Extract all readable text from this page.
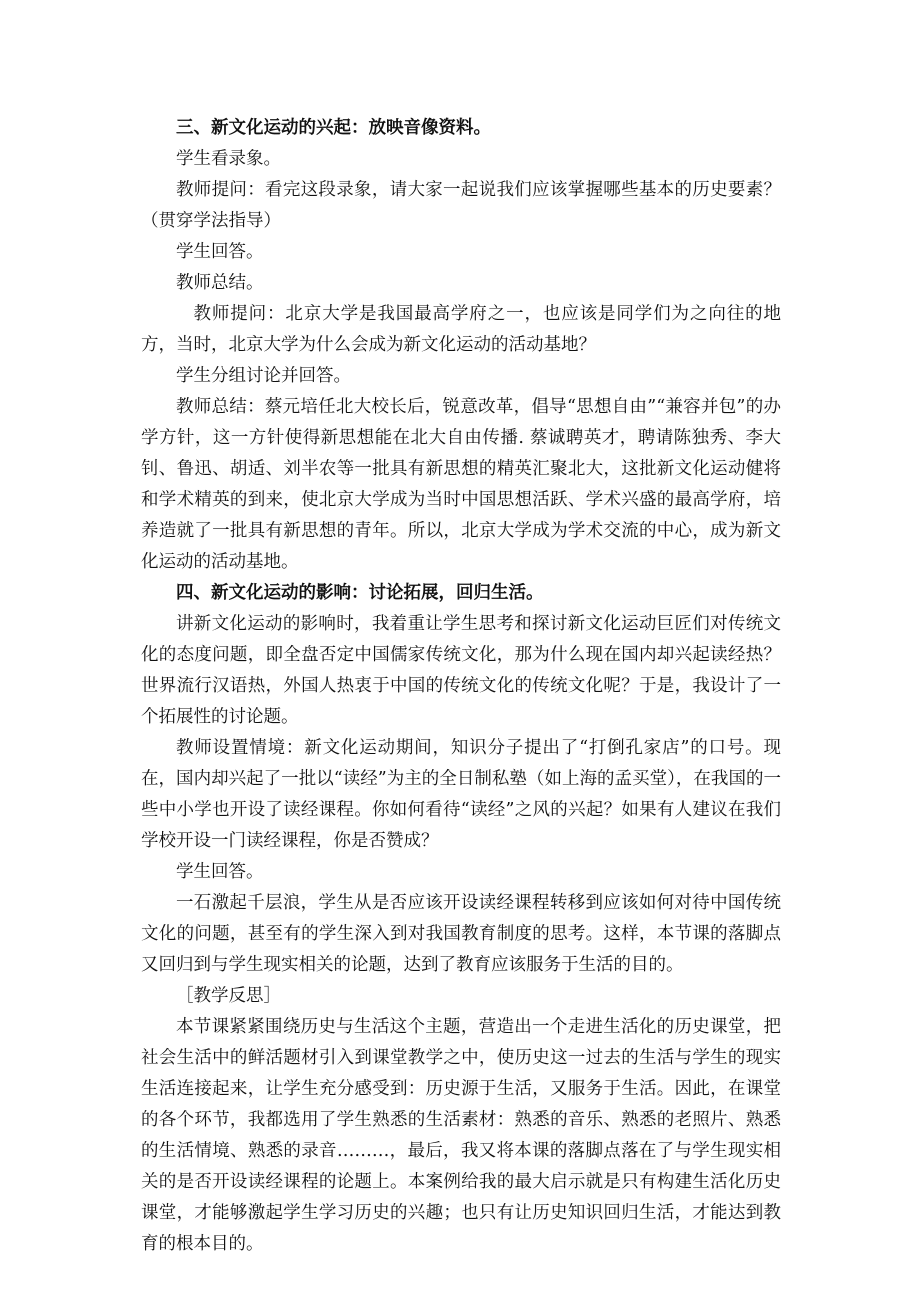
三、新文化运动的兴起：放映音像资料。

学生看录象。

教师提问：看完这段录象，请大家一起说我们应该掌握哪些基本的历史要素？（贯穿学法指导）

学生回答。

教师总结。

教师提问：北京大学是我国最高学府之一，也应该是同学们为之向往的地方，当时，北京大学为什么会成为新文化运动的活动基地？

学生分组讨论并回答。

教师总结：蔡元培任北大校长后，锐意改革，倡导“思想自由”“兼容并包”的办学方针，这一方针使得新思想能在北大自由传播. 蔡诚聘英才，聘请陈独秀、李大钊、鲁迅、胡适、刘半农等一批具有新思想的精英汇聚北大，这批新文化运动健将和学术精英的到来，使北京大学成为当时中国思想活跃、学术兴盛的最高学府，培养造就了一批具有新思想的青年。所以，北京大学成为学术交流的中心，成为新文化运动的活动基地。

四、新文化运动的影响：讨论拓展，回归生活。

讲新文化运动的影响时，我着重让学生思考和探讨新文化运动巨匠们对传统文化的态度问题，即全盘否定中国儒家传统文化，那为什么现在国内却兴起读经热？世界流行汉语热，外国人热衷于中国的传统文化的传统文化呢？于是，我设计了一个拓展性的讨论题。

教师设置情境：新文化运动期间，知识分子提出了“打倒孔家店”的口号。现在，国内却兴起了一批以“读经”为主的全日制私塾（如上海的孟买堂），在我国的一些中小学也开设了读经课程。你如何看待“读经”之风的兴起？如果有人建议在我们学校开设一门读经课程，你是否赞成？

学生回答。

一石激起千层浪，学生从是否应该开设读经课程转移到应该如何对待中国传统文化的问题，甚至有的学生深入到对我国教育制度的思考。这样，本节课的落脚点又回归到与学生现实相关的论题，达到了教育应该服务于生活的目的。

［教学反思］

本节课紧紧围绕历史与生活这个主题，营造出一个走进生活化的历史课堂，把社会生活中的鲜活题材引入到课堂教学之中，使历史这一过去的生活与学生的现实生活连接起来，让学生充分感受到：历史源于生活，又服务于生活。因此，在课堂的各个环节，我都选用了学生熟悉的生活素材：熟悉的音乐、熟悉的老照片、熟悉的生活情境、熟悉的录音………，最后，我又将本课的落脚点落在了与学生现实相关的是否开设读经课程的论题上。本案例给我的最大启示就是只有构建生活化历史课堂，才能够激起学生学习历史的兴趣；也只有让历史知识回归生活，才能达到教育的根本目的。
